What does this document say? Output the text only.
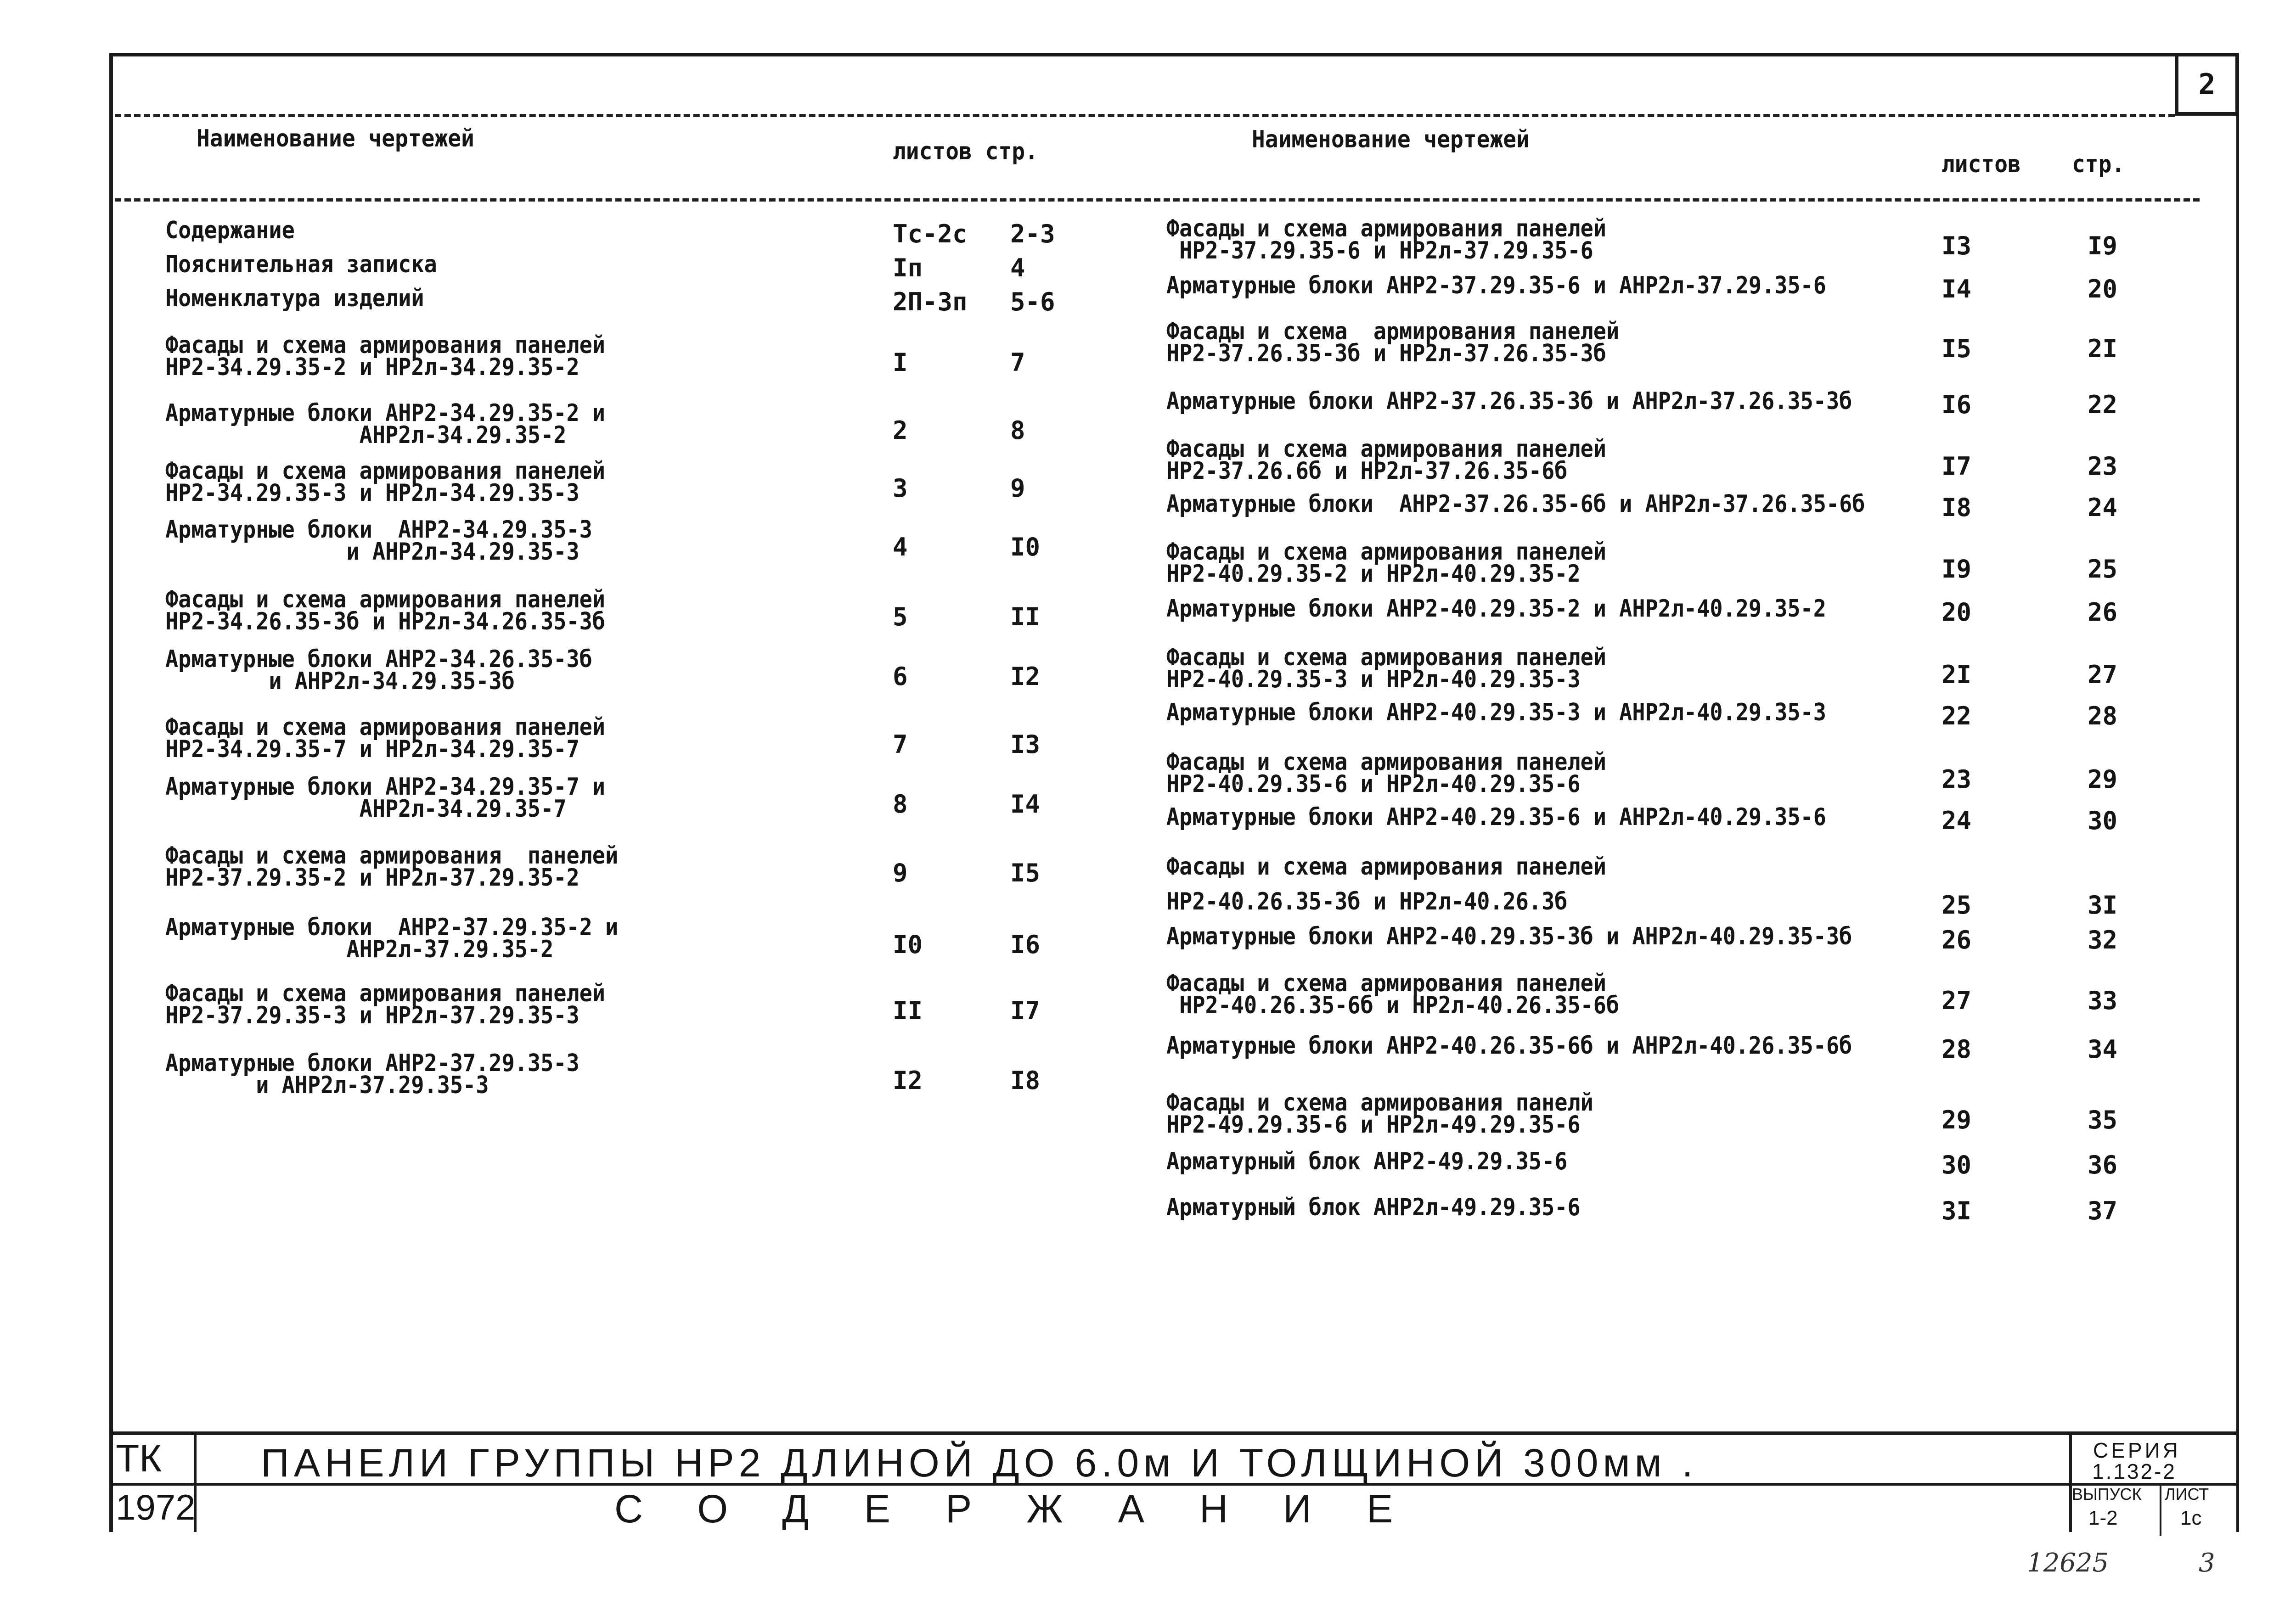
2
Наименование чертежей	листов стр.	Наименование чертежей
листов стр.
Содержание	Тс-2с 2-3
Пояснительная записка	Iп	4
Номенклатура изделий	2П-3п 5-6
Фасады и схема армирования панелей
НР2-34.29.35-2 и НР2л-34.29.35-2	I	7
Арматурные блоки АНР2-34.29.35-2 и
АНР2л-34.29.35-2	2	8
Фасады и схема армирования панелей
НР2-34.29.35-3 и НР2л-34.29.35-3	3	9
Арматурные блоки  АНР2-34.29.35-3
и АНР2л-34.29.35-3	4	I0
Фасады и схема армирования панелей
НР2-34.26.35-3б и НР2л-34.26.35-3б	5	II
Арматурные блоки АНР2-34.26.35-3б
и АНР2л-34.29.35-3б	6	I2
Фасады и схема армирования панелей
НР2-34.29.35-7 и НР2л-34.29.35-7	7	I3
Арматурные блоки АНР2-34.29.35-7 и
АНР2л-34.29.35-7	8	I4
Фасады и схема армирования  панелей
НР2-37.29.35-2 и НР2л-37.29.35-2	9	I5
Арматурные блоки  АНР2-37.29.35-2 и
АНР2л-37.29.35-2	I0	I6
Фасады и схема армирования панелей
НР2-37.29.35-3 и НР2л-37.29.35-3	II	I7
Арматурные блоки АНР2-37.29.35-3
и АНР2л-37.29.35-3	I2	I8
Фасады и схема армирования панелей
НР2-37.29.35-6 и НР2л-37.29.35-6	I3	I9
Арматурные блоки АНР2-37.29.35-6 и АНР2л-37.29.35-6	I4	20
Фасады и схема  армирования панелей
НР2-37.26.35-3б и НР2л-37.26.35-3б	I5	2I
Арматурные блоки АНР2-37.26.35-3б и АНР2л-37.26.35-3б	I6	22
Фасады и схема армирования панелей
НР2-37.26.6б и НР2л-37.26.35-6б	I7	23
Арматурные блоки  АНР2-37.26.35-6б и АНР2л-37.26.35-6б	I8	24
Фасады и схема армирования панелей
НР2-40.29.35-2 и НР2л-40.29.35-2	I9	25
Арматурные блоки АНР2-40.29.35-2 и АНР2л-40.29.35-2	20	26
Фасады и схема армирования панелей
НР2-40.29.35-3 и НР2л-40.29.35-3	2I	27
Арматурные блоки АНР2-40.29.35-3 и АНР2л-40.29.35-3	22	28
Фасады и схема армирования панелей
НР2-40.29.35-6 и НР2л-40.29.35-6	23	29
Арматурные блоки АНР2-40.29.35-6 и АНР2л-40.29.35-6	24	30
Фасады и схема армирования панелей
НР2-40.26.35-3б и НР2л-40.26.3б	25	3I
Арматурные блоки АНР2-40.29.35-3б и АНР2л-40.29.35-3б	26	32
Фасады и схема армирования панелей
НР2-40.26.35-6б и НР2л-40.26.35-6б	27	33
Арматурные блоки АНР2-40.26.35-6б и АНР2л-40.26.35-6б	28	34
Фасады и схема армирования панелй
НР2-49.29.35-6 и НР2л-49.29.35-6	29	35
Арматурный блок АНР2-49.29.35-6	30	36
Арматурный блок АНР2л-49.29.35-6	3I	37
ТК
1972
ПАНЕЛИ ГРУППЫ НР2 ДЛИНОЙ ДО 6.0м И ТОЛЩИНОЙ 300мм .
СОДЕРЖАНИЕ
СЕРИЯ
1.132-2
ВЫПУСК
1-2
ЛИСТ
1с
12625	3
